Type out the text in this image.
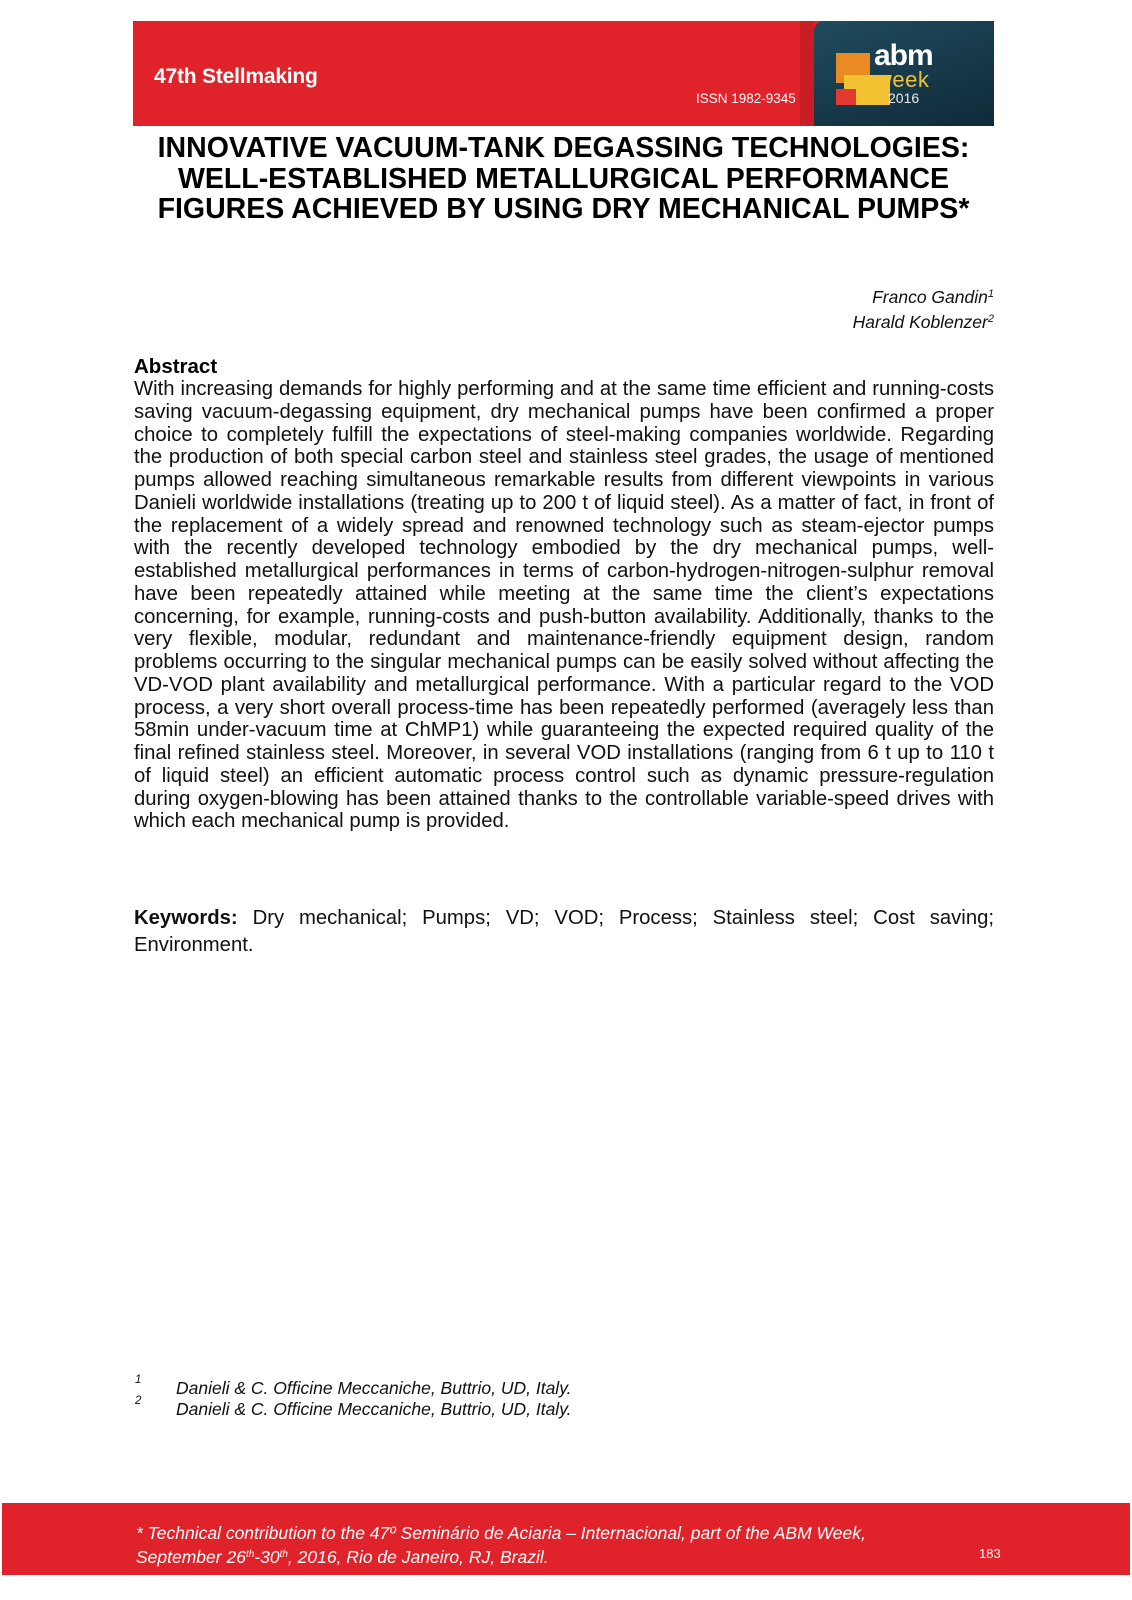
47th Stellmaking
ISSN 1982-9345
abm
week
2016
INNOVATIVE VACUUM-TANK DEGASSING TECHNOLOGIES: WELL-ESTABLISHED METALLURGICAL PERFORMANCE FIGURES ACHIEVED BY USING DRY MECHANICAL PUMPS*
Franco Gandin$^1$
Harald Koblenzer$^2$
Abstract

With increasing demands for highly performing and at the same time efficient and running-costs saving vacuum-degassing equipment, dry mechanical pumps have been confirmed a proper choice to completely fulfill the expectations of steel-making companies worldwide. Regarding the production of both special carbon steel and stainless steel grades, the usage of mentioned pumps allowed reaching simultaneous remarkable results from different viewpoints in various Danieli worldwide installations (treating up to 200 t of liquid steel). As a matter of fact, in front of the replacement of a widely spread and renowned technology such as steam-ejector pumps with the recently developed technology embodied by the dry mechanical pumps, well-established metallurgical performances in terms of carbon-hydrogen-nitrogen-sulphur removal have been repeatedly attained while meeting at the same time the client’s expectations concerning, for example, running-costs and push-button availability. Additionally, thanks to the very flexible, modular, redundant and maintenance-friendly equipment design, random problems occurring to the singular mechanical pumps can be easily solved without affecting the VD-VOD plant availability and metallurgical performance. With a particular regard to the VOD process, a very short overall process-time has been repeatedly performed (averagely less than 58min under-vacuum time at ChMP1) while guaranteeing the expected required quality of the final refined stainless steel. Moreover, in several VOD installations (ranging from 6 t up to 110 t of liquid steel) an efficient automatic process control such as dynamic pressure-regulation during oxygen-blowing has been attained thanks to the controllable variable-speed drives with which each mechanical pump is provided.

Keywords: Dry mechanical; Pumps; VD; VOD; Process; Stainless steel; Cost saving; Environment.

1 Danieli & C. Officine Meccaniche, Buttrio, UD, Italy.
2 Danieli & C. Officine Meccaniche, Buttrio, UD, Italy.

* Technical contribution to the 47º Seminário de Aciaria – Internacional, part of the ABM Week,
September 26th-30th, 2016, Rio de Janeiro, RJ, Brazil.	183
